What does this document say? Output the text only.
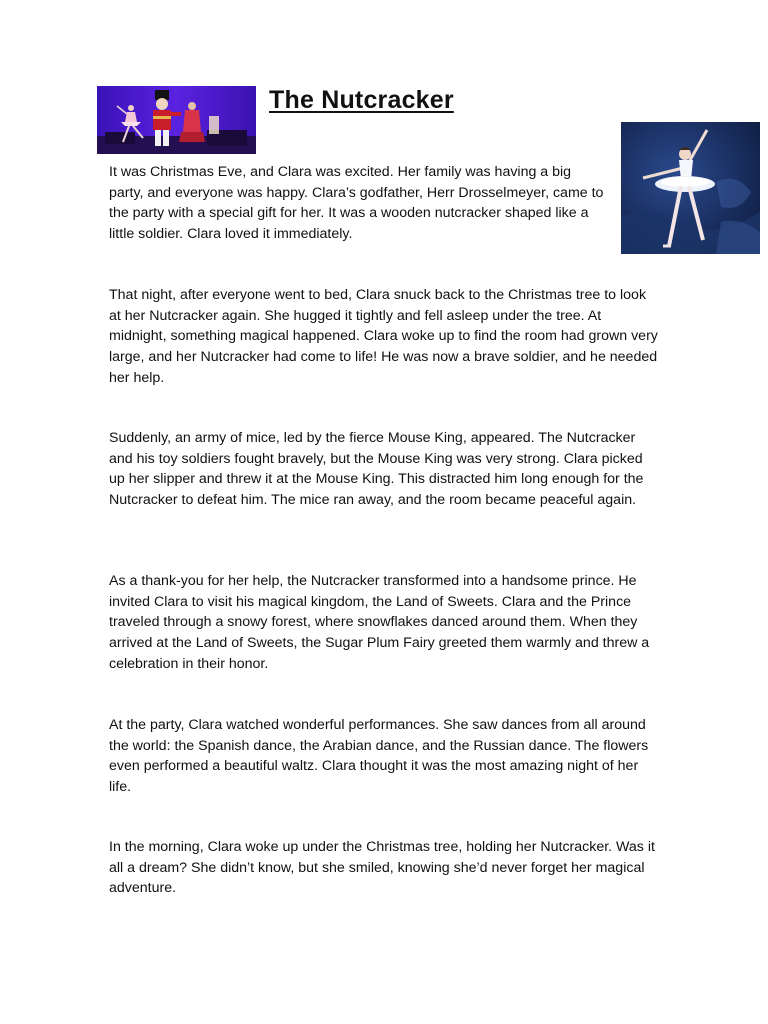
The Nutcracker

It was Christmas Eve, and Clara was excited. Her family was having a big party, and everyone was happy. Clara’s godfather, Herr Drosselmeyer, came to the party with a special gift for her. It was a wooden nutcracker shaped like a little soldier. Clara loved it immediately.

That night, after everyone went to bed, Clara snuck back to the Christmas tree to look at her Nutcracker again. She hugged it tightly and fell asleep under the tree. At midnight, something magical happened. Clara woke up to find the room had grown very large, and her Nutcracker had come to life! He was now a brave soldier, and he needed her help.

Suddenly, an army of mice, led by the fierce Mouse King, appeared. The Nutcracker and his toy soldiers fought bravely, but the Mouse King was very strong. Clara picked up her slipper and threw it at the Mouse King. This distracted him long enough for the Nutcracker to defeat him. The mice ran away, and the room became peaceful again.

As a thank-you for her help, the Nutcracker transformed into a handsome prince. He invited Clara to visit his magical kingdom, the Land of Sweets. Clara and the Prince traveled through a snowy forest, where snowflakes danced around them. When they arrived at the Land of Sweets, the Sugar Plum Fairy greeted them warmly and threw a celebration in their honor.

At the party, Clara watched wonderful performances. She saw dances from all around the world: the Spanish dance, the Arabian dance, and the Russian dance. The flowers even performed a beautiful waltz. Clara thought it was the most amazing night of her life.

In the morning, Clara woke up under the Christmas tree, holding her Nutcracker. Was it all a dream? She didn’t know, but she smiled, knowing she’d never forget her magical adventure.
